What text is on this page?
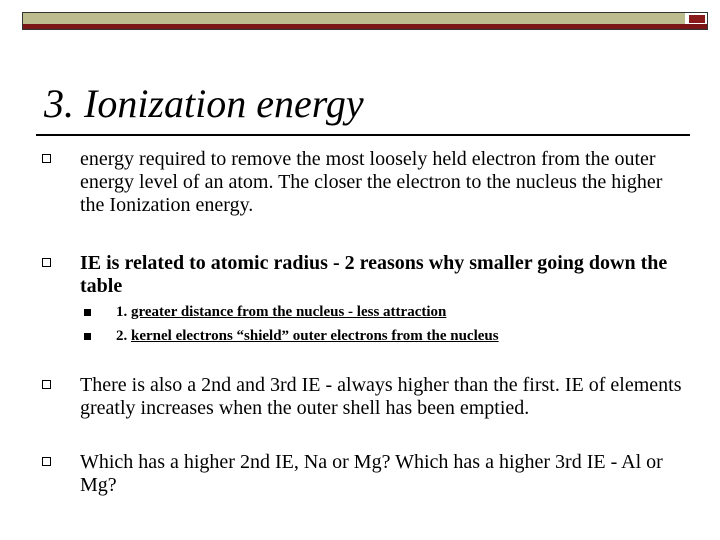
3. Ionization energy

energy required to remove the most loosely held electron from the outer energy level of an atom. The closer the electron to the nucleus the higher the Ionization energy.

IE is related to atomic radius - 2 reasons why smaller going down the table

1. greater distance from the nucleus - less attraction

2. kernel electrons “shield” outer electrons from the nucleus

There is also a 2nd and 3rd IE - always higher than the first. IE of elements greatly increases when the outer shell has been emptied.

Which has a higher 2nd IE, Na or Mg? Which has a higher 3rd IE - Al or Mg?
